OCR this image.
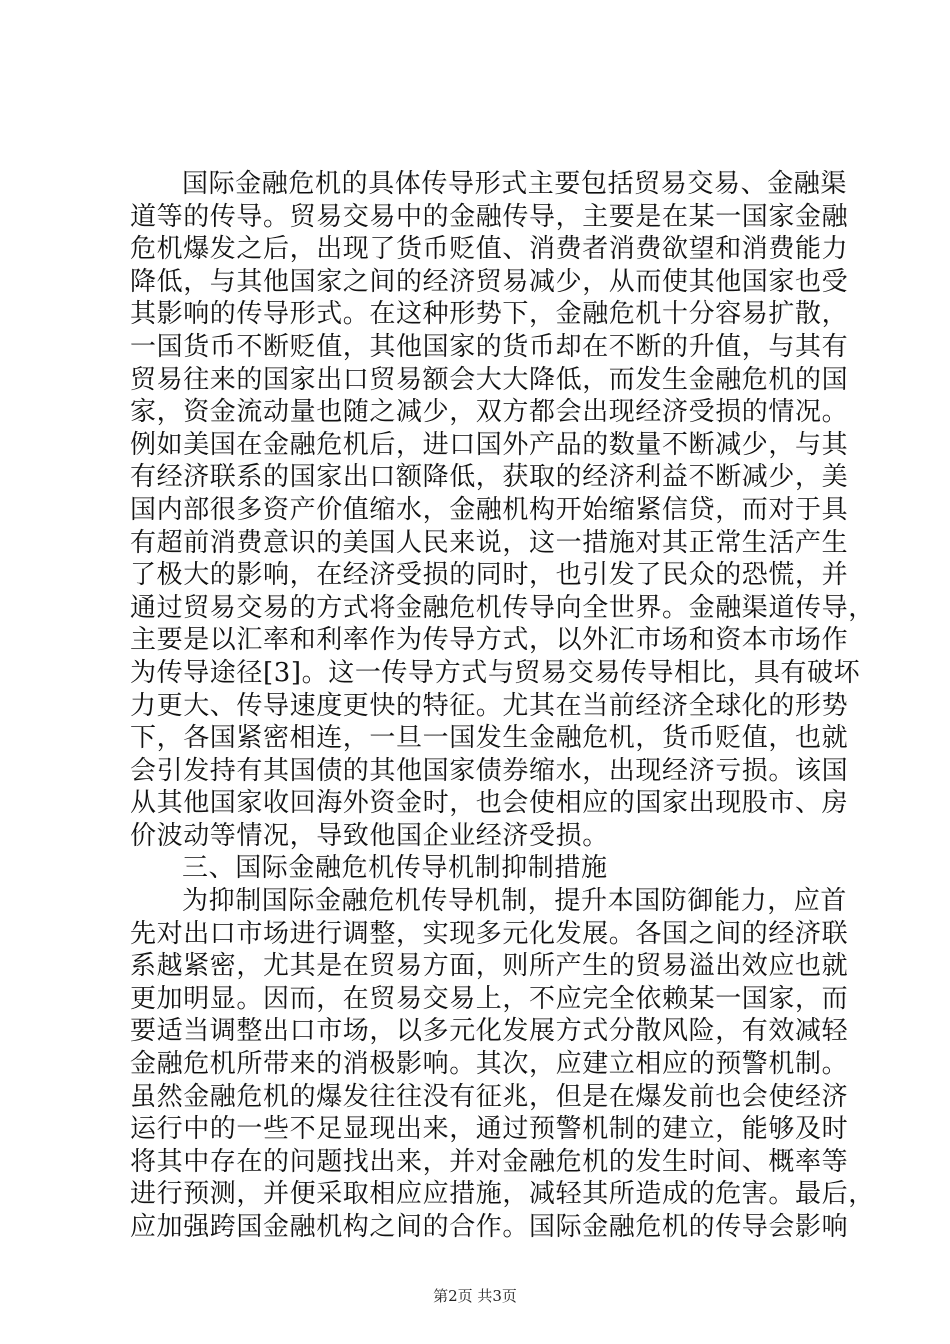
国际金融危机的具体传导形式主要包括贸易交易、金融渠
道等的传导。贸易交易中的金融传导，主要是在某一国家金融
危机爆发之后，出现了货币贬值、消费者消费欲望和消费能力
降低，与其他国家之间的经济贸易减少，从而使其他国家也受
其影响的传导形式。在这种形势下，金融危机十分容易扩散，
一国货币不断贬值，其他国家的货币却在不断的升值，与其有
贸易往来的国家出口贸易额会大大降低，而发生金融危机的国
家，资金流动量也随之减少，双方都会出现经济受损的情况。
例如美国在金融危机后，进口国外产品的数量不断减少，与其
有经济联系的国家出口额降低，获取的经济利益不断减少，美
国内部很多资产价值缩水，金融机构开始缩紧信贷，而对于具
有超前消费意识的美国人民来说，这一措施对其正常生活产生
了极大的影响，在经济受损的同时，也引发了民众的恐慌，并
通过贸易交易的方式将金融危机传导向全世界。金融渠道传导，
主要是以汇率和利率作为传导方式，以外汇市场和资本市场作
为传导途径[3]。这一传导方式与贸易交易传导相比，具有破坏
力更大、传导速度更快的特征。尤其在当前经济全球化的形势
下，各国紧密相连，一旦一国发生金融危机，货币贬值，也就
会引发持有其国债的其他国家债券缩水，出现经济亏损。该国
从其他国家收回海外资金时，也会使相应的国家出现股市、房
价波动等情况，导致他国企业经济受损。
三、国际金融危机传导机制抑制措施
为抑制国际金融危机传导机制，提升本国防御能力，应首
先对出口市场进行调整，实现多元化发展。各国之间的经济联
系越紧密，尤其是在贸易方面，则所产生的贸易溢出效应也就
更加明显。因而，在贸易交易上，不应完全依赖某一国家，而
要适当调整出口市场，以多元化发展方式分散风险，有效减轻
金融危机所带来的消极影响。其次，应建立相应的预警机制。
虽然金融危机的爆发往往没有征兆，但是在爆发前也会使经济
运行中的一些不足显现出来，通过预警机制的建立，能够及时
将其中存在的问题找出来，并对金融危机的发生时间、概率等
进行预测，并便采取相应应措施，减轻其所造成的危害。最后，
应加强跨国金融机构之间的合作。国际金融危机的传导会影响
第2页 共3页
